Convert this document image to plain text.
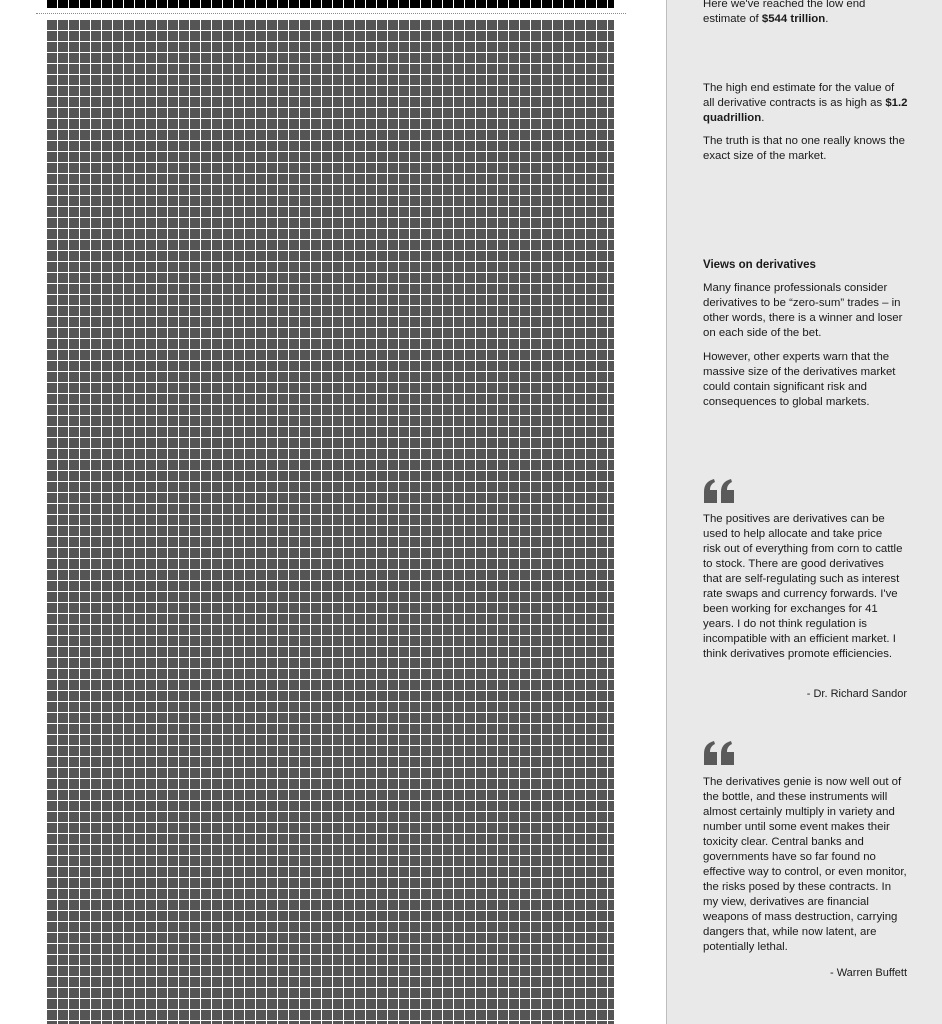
Here we've reached the low end estimate of $544 trillion.

The high end estimate for the value of all derivative contracts is as high as $1.2 quadrillion.

The truth is that no one really knows the exact size of the market.

Views on derivatives

Many finance professionals consider derivatives to be “zero-sum” trades – in other words, there is a winner and loser on each side of the bet.

However, other experts warn that the massive size of the derivatives market could contain significant risk and consequences to global markets.

The positives are derivatives can be used to help allocate and take price risk out of everything from corn to cattle to stock. There are good derivatives that are self-regulating such as interest rate swaps and currency forwards. I've been working for exchanges for 41 years. I do not think regulation is incompatible with an efficient market. I think derivatives promote efficiencies.

- Dr. Richard Sandor

The derivatives genie is now well out of the bottle, and these instruments will almost certainly multiply in variety and number until some event makes their toxicity clear. Central banks and governments have so far found no effective way to control, or even monitor, the risks posed by these contracts. In my view, derivatives are financial weapons of mass destruction, carrying dangers that, while now latent, are potentially lethal.

- Warren Buffett
